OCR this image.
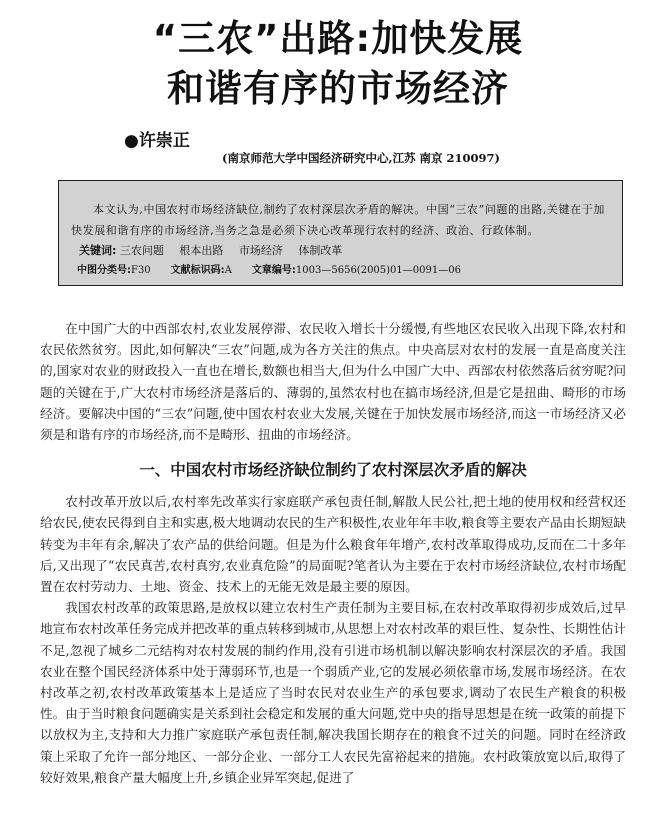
“三农”出路:加快发展
和谐有序的市场经济
●许崇正
(南京师范大学中国经济研究中心,江苏 南京 210097)
本文认为,中国农村市场经济缺位,制约了农村深层次矛盾的解决。中国“三农”问题的出路,关键在于加快发展和谐有序的市场经济,当务之急是必须下决心改革现行农村的经济、政治、行政体制。
关键词: 三农问题 根本出路 市场经济 体制改革
中图分类号:F30 文献标识码:A 文章编号:1003—5656(2005)01—0091—06

在中国广大的中西部农村,农业发展停滞、农民收入增长十分缓慢,有些地区农民收入出现下降,农村和农民依然贫穷。因此,如何解决“三农”问题,成为各方关注的焦点。中央高层对农村的发展一直是高度关注的,国家对农业的财政投入一直也在增长,数额也相当大,但为什么中国广大中、西部农村依然落后贫穷呢?问题的关键在于,广大农村市场经济是落后的、薄弱的,虽然农村也在搞市场经济,但是它是扭曲、畸形的市场经济。要解决中国的“三农”问题,使中国农村农业大发展,关键在于加快发展市场经济,而这一市场经济又必须是和谐有序的市场经济,而不是畸形、扭曲的市场经济。

一、中国农村市场经济缺位制约了农村深层次矛盾的解决

农村改革开放以后,农村率先改革实行家庭联产承包责任制,解散人民公社,把土地的使用权和经营权还给农民,使农民得到自主和实惠,极大地调动农民的生产积极性,农业年年丰收,粮食等主要农产品由长期短缺转变为丰年有余,解决了农产品的供给问题。但是为什么粮食年年增产,农村改革取得成功,反而在二十多年后,又出现了“农民真苦,农村真穷,农业真危险”的局面呢?笔者认为主要在于农村市场经济缺位,农村市场配置在农村劳动力、土地、资金、技术上的无能无效是最主要的原因。

我国农村改革的政策思路,是放权以建立农村生产责任制为主要目标,在农村改革取得初步成效后,过早地宣布农村改革任务完成并把改革的重点转移到城市,从思想上对农村改革的艰巨性、复杂性、长期性估计不足,忽视了城乡二元结构对农村发展的制约作用,没有引进市场机制以解决影响农村深层次的矛盾。我国农业在整个国民经济体系中处于薄弱环节,也是一个弱质产业,它的发展必须依靠市场,发展市场经济。在农村改革之初,农村改革政策基本上是适应了当时农民对农业生产的承包要求,调动了农民生产粮食的积极性。由于当时粮食问题确实是关系到社会稳定和发展的重大问题,党中央的指导思想是在统一政策的前提下以放权为主,支持和大力推广家庭联产承包责任制,解决我国长期存在的粮食不过关的问题。同时在经济政策上采取了允许一部分地区、一部分企业、一部分工人农民先富裕起来的措施。农村政策放宽以后,取得了较好效果,粮食产量大幅度上升,乡镇企业异军突起,促进了
